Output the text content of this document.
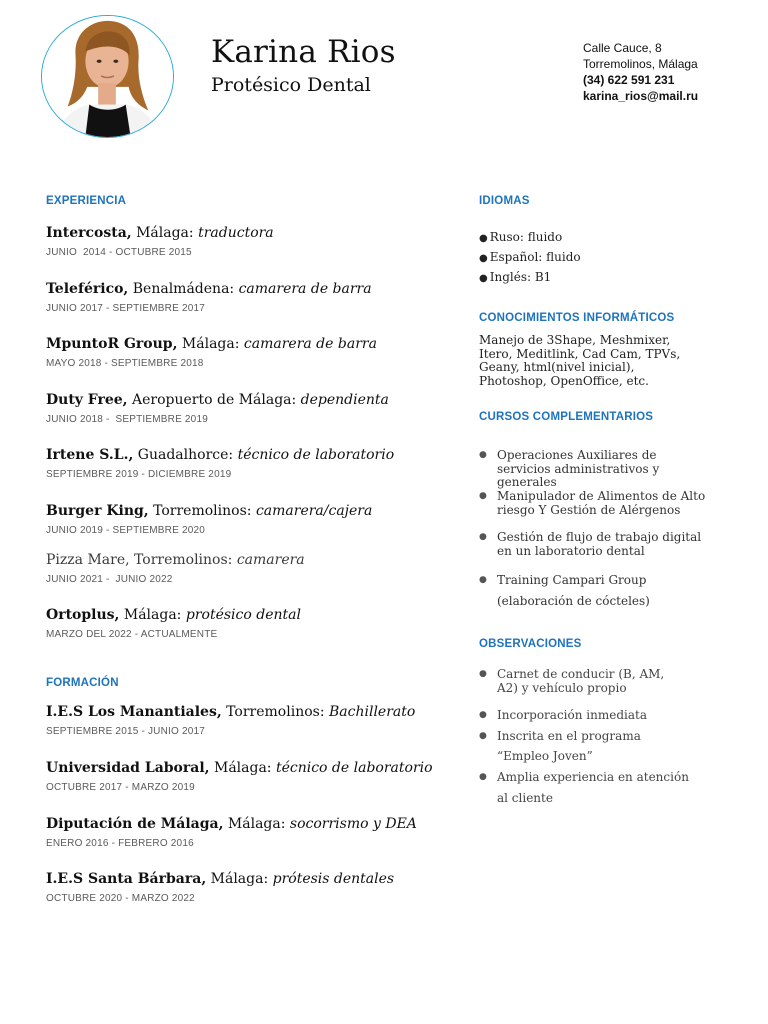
Karina Rios
Protésico Dental
Calle Cauce, 8
Torremolinos, Málaga
(34) 622 591 231
karina_rios@mail.ru
EXPERIENCIA
Intercosta, Málaga: traductora
JUNIO  2014 - OCTUBRE 2015
Teleférico, Benalmádena: camarera de barra
JUNIO 2017 - SEPTIEMBRE 2017
MpuntoR Group, Málaga: camarera de barra
MAYO 2018 - SEPTIEMBRE 2018
Duty Free, Aeropuerto de Málaga: dependienta
JUNIO 2018 -  SEPTIEMBRE 2019
Irtene S.L., Guadalhorce: técnico de laboratorio
SEPTIEMBRE 2019 - DICIEMBRE 2019
Burger King, Torremolinos: camarera/cajera
JUNIO 2019 - SEPTIEMBRE 2020
Pizza Mare, Torremolinos: camarera
JUNIO 2021 -  JUNIO 2022
Ortoplus, Málaga: protésico dental
MARZO DEL 2022 - ACTUALMENTE
FORMACIÓN
I.E.S Los Manantiales, Torremolinos: Bachillerato
SEPTIEMBRE 2015 - JUNIO 2017
Universidad Laboral, Málaga: técnico de laboratorio
OCTUBRE 2017 - MARZO 2019
Diputación de Málaga, Málaga: socorrismo y DEA
ENERO 2016 - FEBRERO 2016
I.E.S Santa Bárbara, Málaga: prótesis dentales
OCTUBRE 2020 - MARZO 2022
IDIOMAS
● Ruso: fluido
● Español: fluido
● Inglés: B1
CONOCIMIENTOS INFORMÁTICOS
Manejo de 3Shape, Meshmixer, Itero, Meditlink, Cad Cam, TPVs, Geany, html(nivel inicial), Photoshop, OpenOffice, etc.
CURSOS COMPLEMENTARIOS
● Operaciones Auxiliares de servicios administrativos y generales
● Manipulador de Alimentos de Alto riesgo Y Gestión de Alérgenos
● Gestión de flujo de trabajo digital en un laboratorio dental
● Training Campari Group
(elaboración de cócteles)
OBSERVACIONES
● Carnet de conducir (B, AM, A2) y vehículo propio
● Incorporación inmediata
● Inscrita en el programa
“Empleo Joven”
● Amplia experiencia en atención
al cliente
